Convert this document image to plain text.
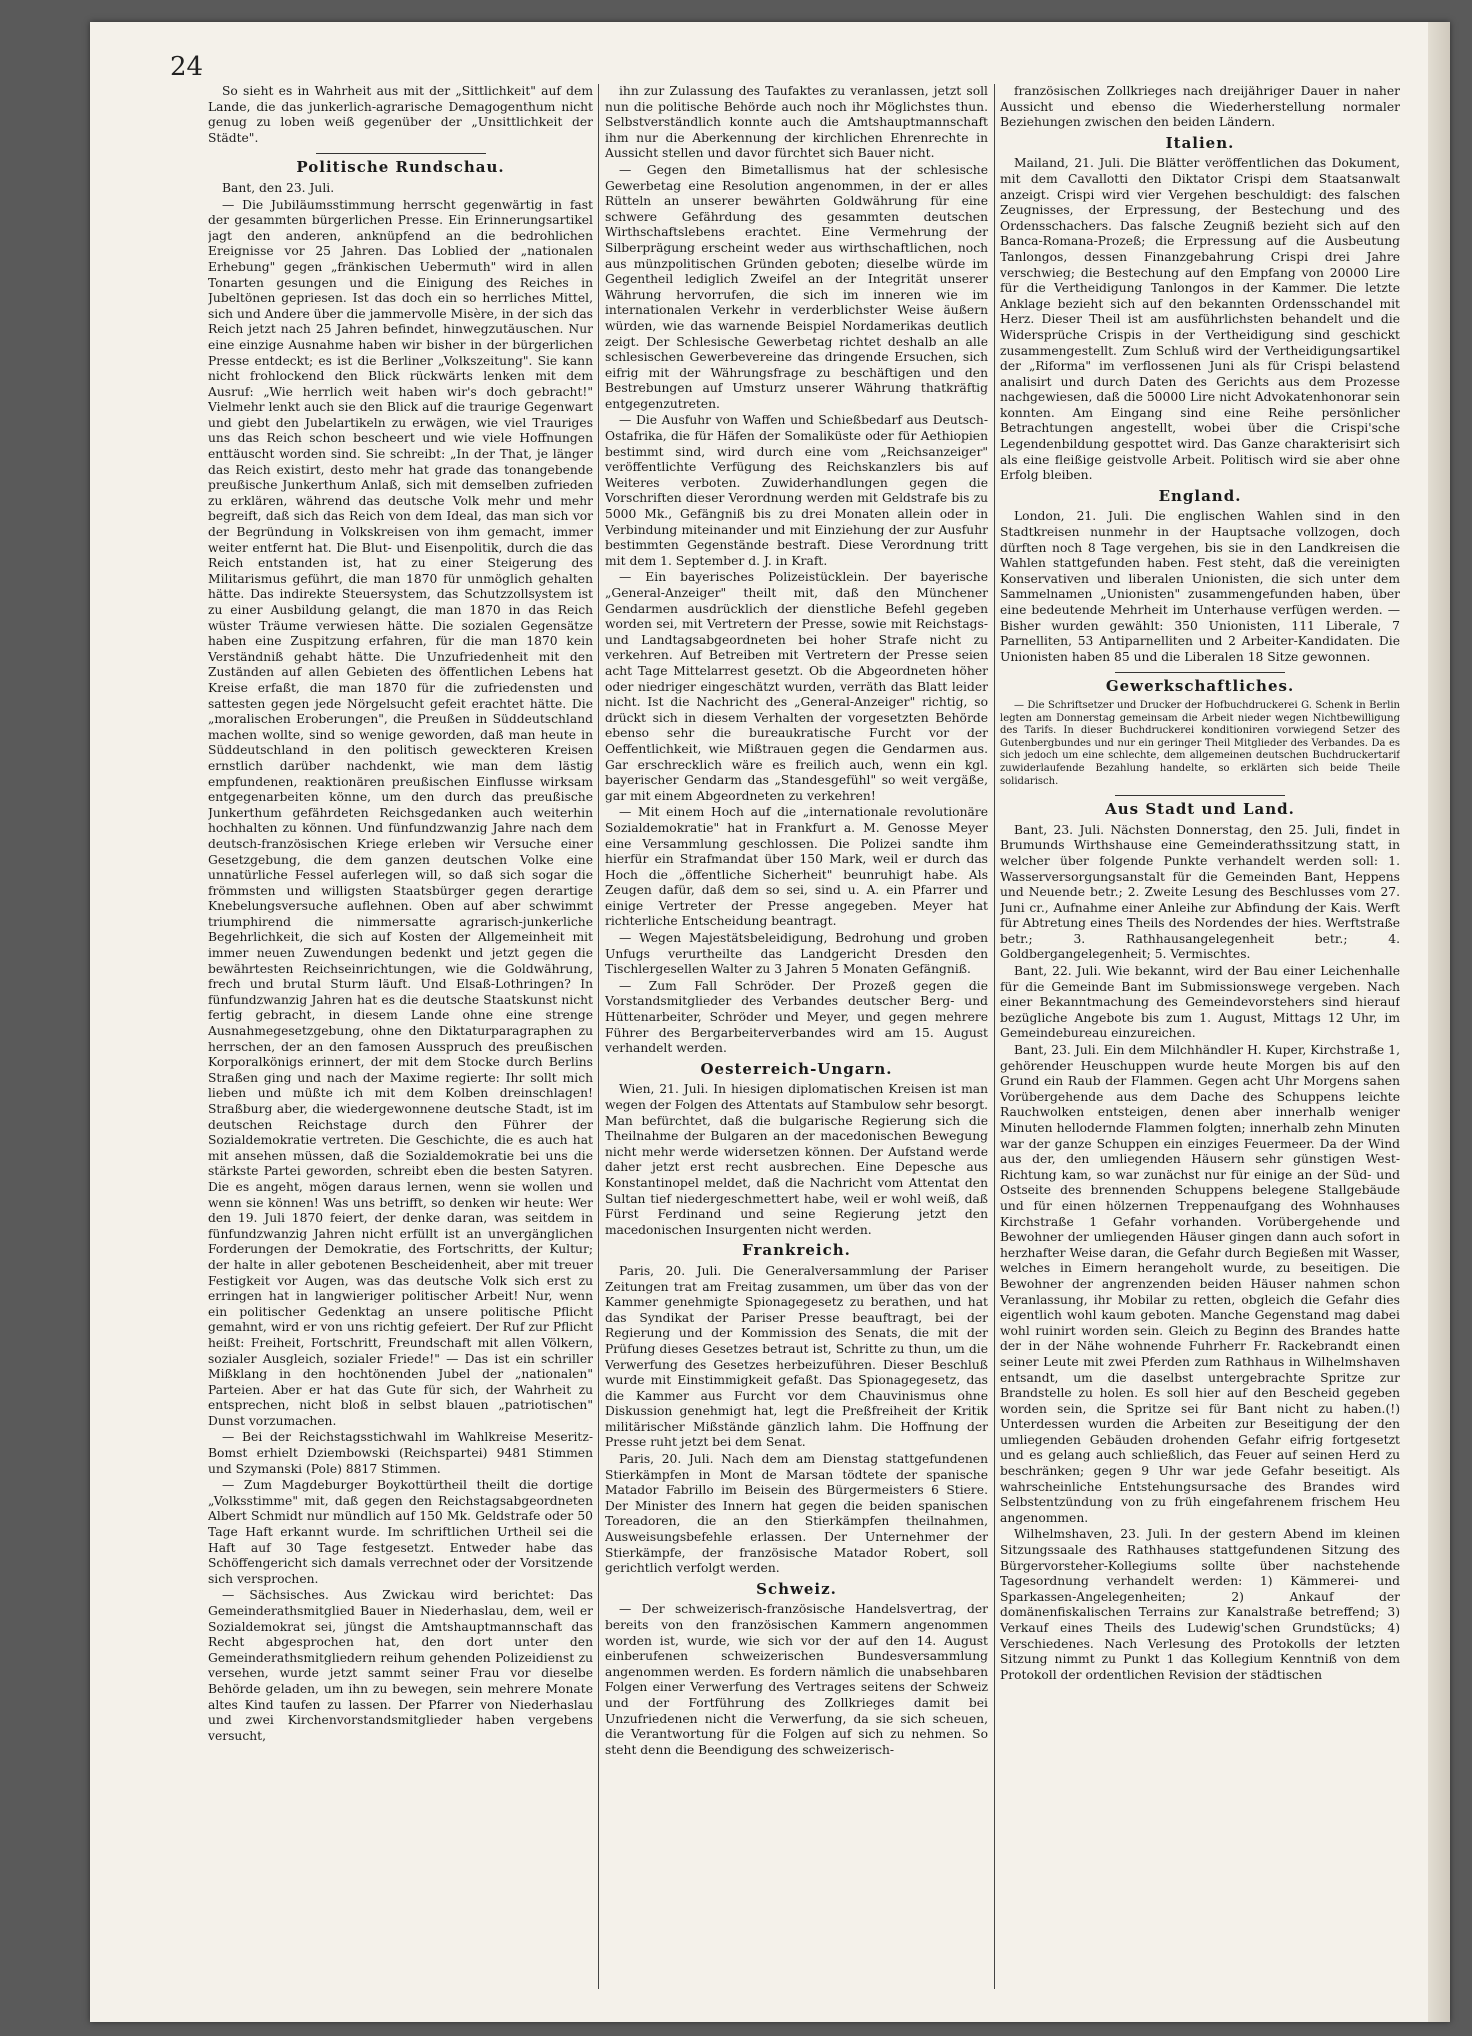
24

So sieht es in Wahrheit aus mit der „Sittlichkeit" auf dem Lande, die das junkerlich-agrarische Demagogenthum nicht genug zu loben weiß gegenüber der „Unsittlichkeit der Städte".

Politische Rundschau.

Bant, den 23. Juli.

— Die Jubiläumsstimmung herrscht gegenwärtig in fast der gesammten bürgerlichen Presse. Ein Erinnerungsartikel jagt den anderen, anknüpfend an die bedrohlichen Ereignisse vor 25 Jahren. Das Loblied der „nationalen Erhebung" gegen „fränkischen Uebermuth" wird in allen Tonarten gesungen und die Einigung des Reiches in Jubeltönen gepriesen. Ist das doch ein so herrliches Mittel, sich und Andere über die jammervolle Misère, in der sich das Reich jetzt nach 25 Jahren befindet, hinwegzutäuschen. Nur eine einzige Ausnahme haben wir bisher in der bürgerlichen Presse entdeckt; es ist die Berliner „Volkszeitung". Sie kann nicht frohlockend den Blick rückwärts lenken mit dem Ausruf: „Wie herrlich weit haben wir's doch gebracht!" Vielmehr lenkt auch sie den Blick auf die traurige Gegenwart und giebt den Jubelartikeln zu erwägen, wie viel Trauriges uns das Reich schon bescheert und wie viele Hoffnungen enttäuscht worden sind. Sie schreibt: „In der That, je länger das Reich existirt, desto mehr hat grade das tonangebende preußische Junkerthum Anlaß, sich mit demselben zufrieden zu erklären, während das deutsche Volk mehr und mehr begreift, daß sich das Reich von dem Ideal, das man sich vor der Begründung in Volkskreisen von ihm gemacht, immer weiter entfernt hat. Die Blut- und Eisenpolitik, durch die das Reich entstanden ist, hat zu einer Steigerung des Militarismus geführt, die man 1870 für unmöglich gehalten hätte. Das indirekte Steuersystem, das Schutzzollsystem ist zu einer Ausbildung gelangt, die man 1870 in das Reich wüster Träume verwiesen hätte. Die sozialen Gegensätze haben eine Zuspitzung erfahren, für die man 1870 kein Verständniß gehabt hätte. Die Unzufriedenheit mit den Zuständen auf allen Gebieten des öffentlichen Lebens hat Kreise erfaßt, die man 1870 für die zufriedensten und sattesten gegen jede Nörgelsucht gefeit erachtet hätte. Die „moralischen Eroberungen", die Preußen in Süddeutschland machen wollte, sind so wenige geworden, daß man heute in Süddeutschland in den politisch geweckteren Kreisen ernstlich darüber nachdenkt, wie man dem lästig empfundenen, reaktionären preußischen Einflusse wirksam entgegenarbeiten könne, um den durch das preußische Junkerthum gefährdeten Reichsgedanken auch weiterhin hochhalten zu können. Und fünfundzwanzig Jahre nach dem deutsch-französischen Kriege erleben wir Versuche einer Gesetzgebung, die dem ganzen deutschen Volke eine unnatürliche Fessel auferlegen will, so daß sich sogar die frömmsten und willigsten Staatsbürger gegen derartige Knebelungsversuche auflehnen. Oben auf aber schwimmt triumphirend die nimmersatte agrarisch-junkerliche Begehrlichkeit, die sich auf Kosten der Allgemeinheit mit immer neuen Zuwendungen bedenkt und jetzt gegen die bewährtesten Reichseinrichtungen, wie die Goldwährung, frech und brutal Sturm läuft. Und Elsaß-Lothringen? In fünfundzwanzig Jahren hat es die deutsche Staatskunst nicht fertig gebracht, in diesem Lande ohne eine strenge Ausnahmegesetzgebung, ohne den Diktaturparagraphen zu herrschen, der an den famosen Ausspruch des preußischen Korporalkönigs erinnert, der mit dem Stocke durch Berlins Straßen ging und nach der Maxime regierte: Ihr sollt mich lieben und müßte ich mit dem Kolben dreinschlagen! Straßburg aber, die wiedergewonnene deutsche Stadt, ist im deutschen Reichstage durch den Führer der Sozialdemokratie vertreten. Die Geschichte, die es auch hat mit ansehen müssen, daß die Sozialdemokratie bei uns die stärkste Partei geworden, schreibt eben die besten Satyren. Die es angeht, mögen daraus lernen, wenn sie wollen und wenn sie können! Was uns betrifft, so denken wir heute: Wer den 19. Juli 1870 feiert, der denke daran, was seitdem in fünfundzwanzig Jahren nicht erfüllt ist an unvergänglichen Forderungen der Demokratie, des Fortschritts, der Kultur; der halte in aller gebotenen Bescheidenheit, aber mit treuer Festigkeit vor Augen, was das deutsche Volk sich erst zu erringen hat in langwieriger politischer Arbeit! Nur, wenn ein politischer Gedenktag an unsere politische Pflicht gemahnt, wird er von uns richtig gefeiert. Der Ruf zur Pflicht heißt: Freiheit, Fortschritt, Freundschaft mit allen Völkern, sozialer Ausgleich, sozialer Friede!" — Das ist ein schriller Mißklang in den hochtönenden Jubel der „nationalen" Parteien. Aber er hat das Gute für sich, der Wahrheit zu entsprechen, nicht bloß in selbst blauen „patriotischen" Dunst vorzumachen.

— Bei der Reichstagsstichwahl im Wahlkreise Meseritz-Bomst erhielt Dziembowski (Reichspartei) 9481 Stimmen und Szymanski (Pole) 8817 Stimmen.

— Zum Magdeburger Boykottürtheil theilt die dortige „Volksstimme" mit, daß gegen den Reichstagsabgeordneten Albert Schmidt nur mündlich auf 150 Mk. Geldstrafe oder 50 Tage Haft erkannt wurde. Im schriftlichen Urtheil sei die Haft auf 30 Tage festgesetzt. Entweder habe das Schöffengericht sich damals verrechnet oder der Vorsitzende sich versprochen.

— Sächsisches. Aus Zwickau wird berichtet: Das Gemeinderathsmitglied Bauer in Niederhaslau, dem, weil er Sozialdemokrat sei, jüngst die Amtshauptmannschaft das Recht abgesprochen hat, den dort unter den Gemeinderathsmitgliedern reihum gehenden Polizeidienst zu versehen, wurde jetzt sammt seiner Frau vor dieselbe Behörde geladen, um ihn zu bewegen, sein mehrere Monate altes Kind taufen zu lassen. Der Pfarrer von Niederhaslau und zwei Kirchenvorstandsmitglieder haben vergebens versucht,

ihn zur Zulassung des Taufaktes zu veranlassen, jetzt soll nun die politische Behörde auch noch ihr Möglichstes thun. Selbstverständlich konnte auch die Amtshauptmannschaft ihm nur die Aberkennung der kirchlichen Ehrenrechte in Aussicht stellen und davor fürchtet sich Bauer nicht.

— Gegen den Bimetallismus hat der schlesische Gewerbetag eine Resolution angenommen, in der er alles Rütteln an unserer bewährten Goldwährung für eine schwere Gefährdung des gesammten deutschen Wirthschaftslebens erachtet. Eine Vermehrung der Silberprägung erscheint weder aus wirthschaftlichen, noch aus münzpolitischen Gründen geboten; dieselbe würde im Gegentheil lediglich Zweifel an der Integrität unserer Währung hervorrufen, die sich im inneren wie im internationalen Verkehr in verderblichster Weise äußern würden, wie das warnende Beispiel Nordamerikas deutlich zeigt. Der Schlesische Gewerbetag richtet deshalb an alle schlesischen Gewerbevereine das dringende Ersuchen, sich eifrig mit der Währungsfrage zu beschäftigen und den Bestrebungen auf Umsturz unserer Währung thatkräftig entgegenzutreten.

— Die Ausfuhr von Waffen und Schießbedarf aus Deutsch-Ostafrika, die für Häfen der Somaliküste oder für Aethiopien bestimmt sind, wird durch eine vom „Reichsanzeiger" veröffentlichte Verfügung des Reichskanzlers bis auf Weiteres verboten. Zuwiderhandlungen gegen die Vorschriften dieser Verordnung werden mit Geldstrafe bis zu 5000 Mk., Gefängniß bis zu drei Monaten allein oder in Verbindung miteinander und mit Einziehung der zur Ausfuhr bestimmten Gegenstände bestraft. Diese Verordnung tritt mit dem 1. September d. J. in Kraft.

— Ein bayerisches Polizeistücklein. Der bayerische „General-Anzeiger" theilt mit, daß den Münchener Gendarmen ausdrücklich der dienstliche Befehl gegeben worden sei, mit Vertretern der Presse, sowie mit Reichstags- und Landtagsabgeordneten bei hoher Strafe nicht zu verkehren. Auf Betreiben mit Vertretern der Presse seien acht Tage Mittelarrest gesetzt. Ob die Abgeordneten höher oder niedriger eingeschätzt wurden, verräth das Blatt leider nicht. Ist die Nachricht des „General-Anzeiger" richtig, so drückt sich in diesem Verhalten der vorgesetzten Behörde ebenso sehr die bureaukratische Furcht vor der Oeffentlichkeit, wie Mißtrauen gegen die Gendarmen aus. Gar erschrecklich wäre es freilich auch, wenn ein kgl. bayerischer Gendarm das „Standesgefühl" so weit vergäße, gar mit einem Abgeordneten zu verkehren!

— Mit einem Hoch auf die „internationale revolutionäre Sozialdemokratie" hat in Frankfurt a. M. Genosse Meyer eine Versammlung geschlossen. Die Polizei sandte ihm hierfür ein Strafmandat über 150 Mark, weil er durch das Hoch die „öffentliche Sicherheit" beunruhigt habe. Als Zeugen dafür, daß dem so sei, sind u. A. ein Pfarrer und einige Vertreter der Presse angegeben. Meyer hat richterliche Entscheidung beantragt.

— Wegen Majestätsbeleidigung, Bedrohung und groben Unfugs verurtheilte das Landgericht Dresden den Tischlergesellen Walter zu 3 Jahren 5 Monaten Gefängniß.

— Zum Fall Schröder. Der Prozeß gegen die Vorstandsmitglieder des Verbandes deutscher Berg- und Hüttenarbeiter, Schröder und Meyer, und gegen mehrere Führer des Bergarbeiterverbandes wird am 15. August verhandelt werden.

Oesterreich-Ungarn.

Wien, 21. Juli. In hiesigen diplomatischen Kreisen ist man wegen der Folgen des Attentats auf Stambulow sehr besorgt. Man befürchtet, daß die bulgarische Regierung sich die Theilnahme der Bulgaren an der macedonischen Bewegung nicht mehr werde widersetzen können. Der Aufstand werde daher jetzt erst recht ausbrechen. Eine Depesche aus Konstantinopel meldet, daß die Nachricht vom Attentat den Sultan tief niedergeschmettert habe, weil er wohl weiß, daß Fürst Ferdinand und seine Regierung jetzt den macedonischen Insurgenten nicht werden.

Frankreich.

Paris, 20. Juli. Die Generalversammlung der Pariser Zeitungen trat am Freitag zusammen, um über das von der Kammer genehmigte Spionagegesetz zu berathen, und hat das Syndikat der Pariser Presse beauftragt, bei der Regierung und der Kommission des Senats, die mit der Prüfung dieses Gesetzes betraut ist, Schritte zu thun, um die Verwerfung des Gesetzes herbeizuführen. Dieser Beschluß wurde mit Einstimmigkeit gefaßt. Das Spionagegesetz, das die Kammer aus Furcht vor dem Chauvinismus ohne Diskussion genehmigt hat, legt die Preßfreiheit der Kritik militärischer Mißstände gänzlich lahm. Die Hoffnung der Presse ruht jetzt bei dem Senat.

Paris, 20. Juli. Nach dem am Dienstag stattgefundenen Stierkämpfen in Mont de Marsan tödtete der spanische Matador Fabrillo im Beisein des Bürgermeisters 6 Stiere. Der Minister des Innern hat gegen die beiden spanischen Toreadoren, die an den Stierkämpfen theilnahmen, Ausweisungsbefehle erlassen. Der Unternehmer der Stierkämpfe, der französische Matador Robert, soll gerichtlich verfolgt werden.

Schweiz.

— Der schweizerisch-französische Handelsvertrag, der bereits von den französischen Kammern angenommen worden ist, wurde, wie sich vor der auf den 14. August einberufenen schweizerischen Bundesversammlung angenommen werden. Es fordern nämlich die unabsehbaren Folgen einer Verwerfung des Vertrages seitens der Schweiz und der Fortführung des Zollkrieges damit bei Unzufriedenen nicht die Verwerfung, da sie sich scheuen, die Verantwortung für die Folgen auf sich zu nehmen. So steht denn die Beendigung des schweizerisch-

französischen Zollkrieges nach dreijähriger Dauer in naher Aussicht und ebenso die Wiederherstellung normaler Beziehungen zwischen den beiden Ländern.

Italien.

Mailand, 21. Juli. Die Blätter veröffentlichen das Dokument, mit dem Cavallotti den Diktator Crispi dem Staatsanwalt anzeigt. Crispi wird vier Vergehen beschuldigt: des falschen Zeugnisses, der Erpressung, der Bestechung und des Ordensschachers. Das falsche Zeugniß bezieht sich auf den Banca-Romana-Prozeß; die Erpressung auf die Ausbeutung Tanlongos, dessen Finanzgebahrung Crispi drei Jahre verschwieg; die Bestechung auf den Empfang von 20000 Lire für die Vertheidigung Tanlongos in der Kammer. Die letzte Anklage bezieht sich auf den bekannten Ordensschandel mit Herz. Dieser Theil ist am ausführlichsten behandelt und die Widersprüche Crispis in der Vertheidigung sind geschickt zusammengestellt. Zum Schluß wird der Vertheidigungsartikel der „Riforma" im verflossenen Juni als für Crispi belastend analisirt und durch Daten des Gerichts aus dem Prozesse nachgewiesen, daß die 50000 Lire nicht Advokatenhonorar sein konnten. Am Eingang sind eine Reihe persönlicher Betrachtungen angestellt, wobei über die Crispi'sche Legendenbildung gespottet wird. Das Ganze charakterisirt sich als eine fleißige geistvolle Arbeit. Politisch wird sie aber ohne Erfolg bleiben.

England.

London, 21. Juli. Die englischen Wahlen sind in den Stadtkreisen nunmehr in der Hauptsache vollzogen, doch dürften noch 8 Tage vergehen, bis sie in den Landkreisen die Wahlen stattgefunden haben. Fest steht, daß die vereinigten Konservativen und liberalen Unionisten, die sich unter dem Sammelnamen „Unionisten" zusammengefunden haben, über eine bedeutende Mehrheit im Unterhause verfügen werden. — Bisher wurden gewählt: 350 Unionisten, 111 Liberale, 7 Parnelliten, 53 Antiparnelliten und 2 Arbeiter-Kandidaten. Die Unionisten haben 85 und die Liberalen 18 Sitze gewonnen.

Gewerkschaftliches.

— Die Schriftsetzer und Drucker der Hofbuchdruckerei G. Schenk in Berlin legten am Donnerstag gemeinsam die Arbeit nieder wegen Nichtbewilligung des Tarifs. In dieser Buchdruckerei konditioniren vorwiegend Setzer des Gutenbergbundes und nur ein geringer Theil Mitglieder des Verbandes. Da es sich jedoch um eine schlechte, dem allgemeinen deutschen Buchdruckertarif zuwiderlaufende Bezahlung handelte, so erklärten sich beide Theile solidarisch.

Aus Stadt und Land.

Bant, 23. Juli. Nächsten Donnerstag, den 25. Juli, findet in Brumunds Wirthshause eine Gemeinderathssitzung statt, in welcher über folgende Punkte verhandelt werden soll: 1. Wasserversorgungsanstalt für die Gemeinden Bant, Heppens und Neuende betr.; 2. Zweite Lesung des Beschlusses vom 27. Juni cr., Aufnahme einer Anleihe zur Abfindung der Kais. Werft für Abtretung eines Theils des Nordendes der hies. Werftstraße betr.; 3. Rathhausangelegenheit betr.; 4. Goldbergangelegenheit; 5. Vermischtes.

Bant, 22. Juli. Wie bekannt, wird der Bau einer Leichenhalle für die Gemeinde Bant im Submissionswege vergeben. Nach einer Bekanntmachung des Gemeindevorstehers sind hierauf bezügliche Angebote bis zum 1. August, Mittags 12 Uhr, im Gemeindebureau einzureichen.

Bant, 23. Juli. Ein dem Milchhändler H. Kuper, Kirchstraße 1, gehörender Heuschuppen wurde heute Morgen bis auf den Grund ein Raub der Flammen. Gegen acht Uhr Morgens sahen Vorübergehende aus dem Dache des Schuppens leichte Rauchwolken entsteigen, denen aber innerhalb weniger Minuten hellodernde Flammen folgten; innerhalb zehn Minuten war der ganze Schuppen ein einziges Feuermeer. Da der Wind aus der, den umliegenden Häusern sehr günstigen West-Richtung kam, so war zunächst nur für einige an der Süd- und Ostseite des brennenden Schuppens belegene Stallgebäude und für einen hölzernen Treppenaufgang des Wohnhauses Kirchstraße 1 Gefahr vorhanden. Vorübergehende und Bewohner der umliegenden Häuser gingen dann auch sofort in herzhafter Weise daran, die Gefahr durch Begießen mit Wasser, welches in Eimern herangeholt wurde, zu beseitigen. Die Bewohner der angrenzenden beiden Häuser nahmen schon Veranlassung, ihr Mobilar zu retten, obgleich die Gefahr dies eigentlich wohl kaum geboten. Manche Gegenstand mag dabei wohl ruinirt worden sein. Gleich zu Beginn des Brandes hatte der in der Nähe wohnende Fuhrherr Fr. Rackebrandt einen seiner Leute mit zwei Pferden zum Rathhaus in Wilhelmshaven entsandt, um die daselbst untergebrachte Spritze zur Brandstelle zu holen. Es soll hier auf den Bescheid gegeben worden sein, die Spritze sei für Bant nicht zu haben.(!) Unterdessen wurden die Arbeiten zur Beseitigung der den umliegenden Gebäuden drohenden Gefahr eifrig fortgesetzt und es gelang auch schließlich, das Feuer auf seinen Herd zu beschränken; gegen 9 Uhr war jede Gefahr beseitigt. Als wahrscheinliche Entstehungsursache des Brandes wird Selbstentzündung von zu früh eingefahrenem frischem Heu angenommen.

Wilhelmshaven, 23. Juli. In der gestern Abend im kleinen Sitzungssaale des Rathhauses stattgefundenen Sitzung des Bürgervorsteher-Kollegiums sollte über nachstehende Tagesordnung verhandelt werden: 1) Kämmerei- und Sparkassen-Angelegenheiten; 2) Ankauf der domänenfiskalischen Terrains zur Kanalstraße betreffend; 3) Verkauf eines Theils des Ludewig'schen Grundstücks; 4) Verschiedenes. Nach Verlesung des Protokolls der letzten Sitzung nimmt zu Punkt 1 das Kollegium Kenntniß von dem Protokoll der ordentlichen Revision der städtischen
